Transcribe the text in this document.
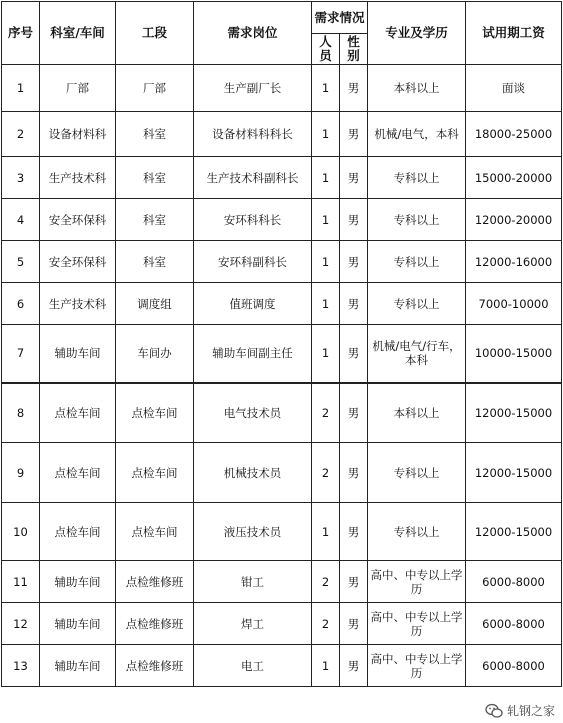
序号	科室/车间	工段	需求岗位	需求情况		专业及学历	试用期工资
				人员	性别		
1	厂部	厂部	生产副厂长	1	男	本科以上	面谈
2	设备材料科	科室	设备材料科科长	1	男	机械/电气，本科	18000-25000
3	生产技术科	科室	生产技术科副科长	1	男	专科以上	15000-20000
4	安全环保科	科室	安环科科长	1	男	专科以上	12000-20000
5	安全环保科	科室	安环科副科长	1	男	专科以上	12000-16000
6	生产技术科	调度组	值班调度	1	男	专科以上	7000-10000
7	辅助车间	车间办	辅助车间副主任	1	男	机械/电气/行车，本科	10000-15000
8	点检车间	点检车间	电气技术员	2	男	本科以上	12000-15000
9	点检车间	点检车间	机械技术员	2	男	专科以上	12000-15000
10	点检车间	点检车间	液压技术员	1	男	专科以上	12000-15000
11	辅助车间	点检维修班	钳工	2	男	高中、中专以上学历	6000-8000
12	辅助车间	点检维修班	焊工	2	男	高中、中专以上学历	6000-8000
13	辅助车间	点检维修班	电工	1	男	高中、中专以上学历	6000-8000
轧钢之家
